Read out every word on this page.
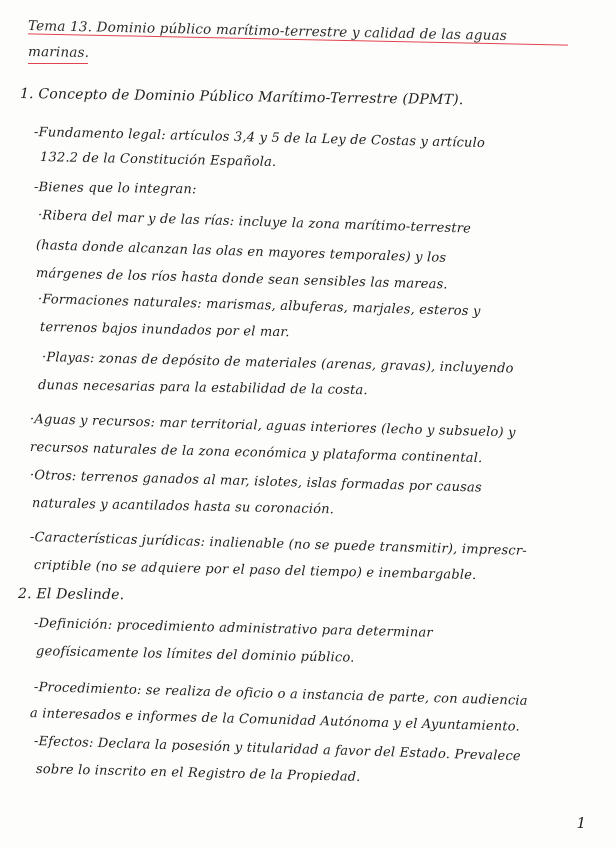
Tema 13. Dominio público marítimo-terrestre y calidad de las aguas
marinas.
1. Concepto de Dominio Público Marítimo-Terrestre (DPMT).
-Fundamento legal: artículos 3,4 y 5 de la Ley de Costas y artículo
132.2 de la Constitución Española.
-Bienes que lo integran:
·Ribera del mar y de las rías: incluye la zona marítimo-terrestre
(hasta donde alcanzan las olas en mayores temporales) y los
márgenes de los ríos hasta donde sean sensibles las mareas.
·Formaciones naturales: marismas, albuferas, marjales, esteros y
terrenos bajos inundados por el mar.
·Playas: zonas de depósito de materiales (arenas, gravas), incluyendo
dunas necesarias para la estabilidad de la costa.
·Aguas y recursos: mar territorial, aguas interiores (lecho y subsuelo) y
recursos naturales de la zona económica y plataforma continental.
·Otros: terrenos ganados al mar, islotes, islas formadas por causas
naturales y acantilados hasta su coronación.
-Características jurídicas: inalienable (no se puede transmitir), imprescr-
criptible (no se adquiere por el paso del tiempo) e inembargable.
2. El Deslinde.
-Definición: procedimiento administrativo para determinar
geofísicamente los límites del dominio público.
-Procedimiento: se realiza de oficio o a instancia de parte, con audiencia
a interesados e informes de la Comunidad Autónoma y el Ayuntamiento.
-Efectos: Declara la posesión y titularidad a favor del Estado. Prevalece
sobre lo inscrito en el Registro de la Propiedad.
1
